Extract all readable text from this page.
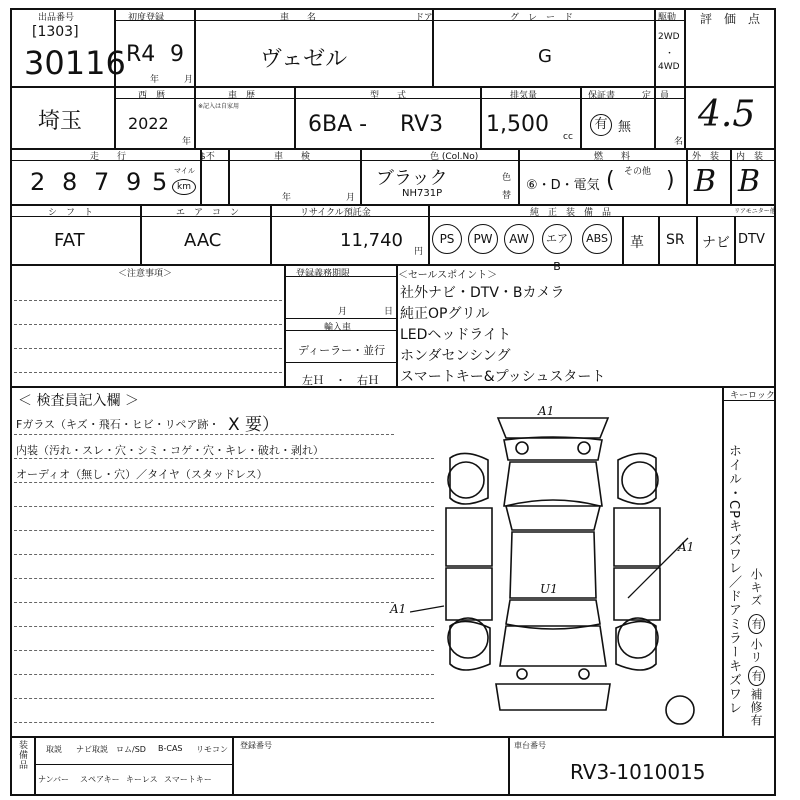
出品番号
[1303]
30116
初度登録
R4 9
年	月
車　　名
ヴェゼル
ドア	グ　レ　ー　ド
G
駆動
2WD
・
4WD
評　価　点
4.5
埼玉
西　暦
2022
年
車　歴
※記入は自家用
型　　式
6BA - RV3
排気量
1,500 cc
保証書
有 無
定　員
名
走　　行
2 8 7 9 5 マイル
km
$不	車　　検
年	月
色 (Col.No)
ブラック
NH731P
色
替
燃　　料
⑥・D・電気 ( その他 )
外　装
B
内　装
B
シ　フ　ト
FAT
エ　ア　コ　ン
AAC
リサイクル預託金
11,740
円
純　正　装　備　品	リアモニター他
PS	PW	AW	エアB
ABS 革 SR ナビ DTV
＜注意事項＞	登録義務期限
月	日
輸入車
ディーラー・並行
左Ｈ　・　右Ｈ
＜セールスポイント＞
社外ナビ・DTV・Bカメラ
純正OPグリル
LEDヘッドライト
ホンダセンシング
スマートキー&プッシュスタート
＜ 検査員記入欄 ＞
Fガラス（キズ・飛石・ヒビ・リペア跡・ X 要）
内装（汚れ・スレ・穴・シミ・コゲ・穴・キレ・破れ・剥れ）
オーディオ（無し・穴）／タイヤ（スタッドレス）
A1
A1
A1
U1
キーロック
ホイル・CPキズワレ／ドアミラーキズワレ 小キズ
有
小リ
有
補修有
装備品 取説 ナビ取説 ロム/SD B-CAS リモコン
ナンバー スペアキー キーレス スマートキー
登録番号	車台番号
RV3-1010015
